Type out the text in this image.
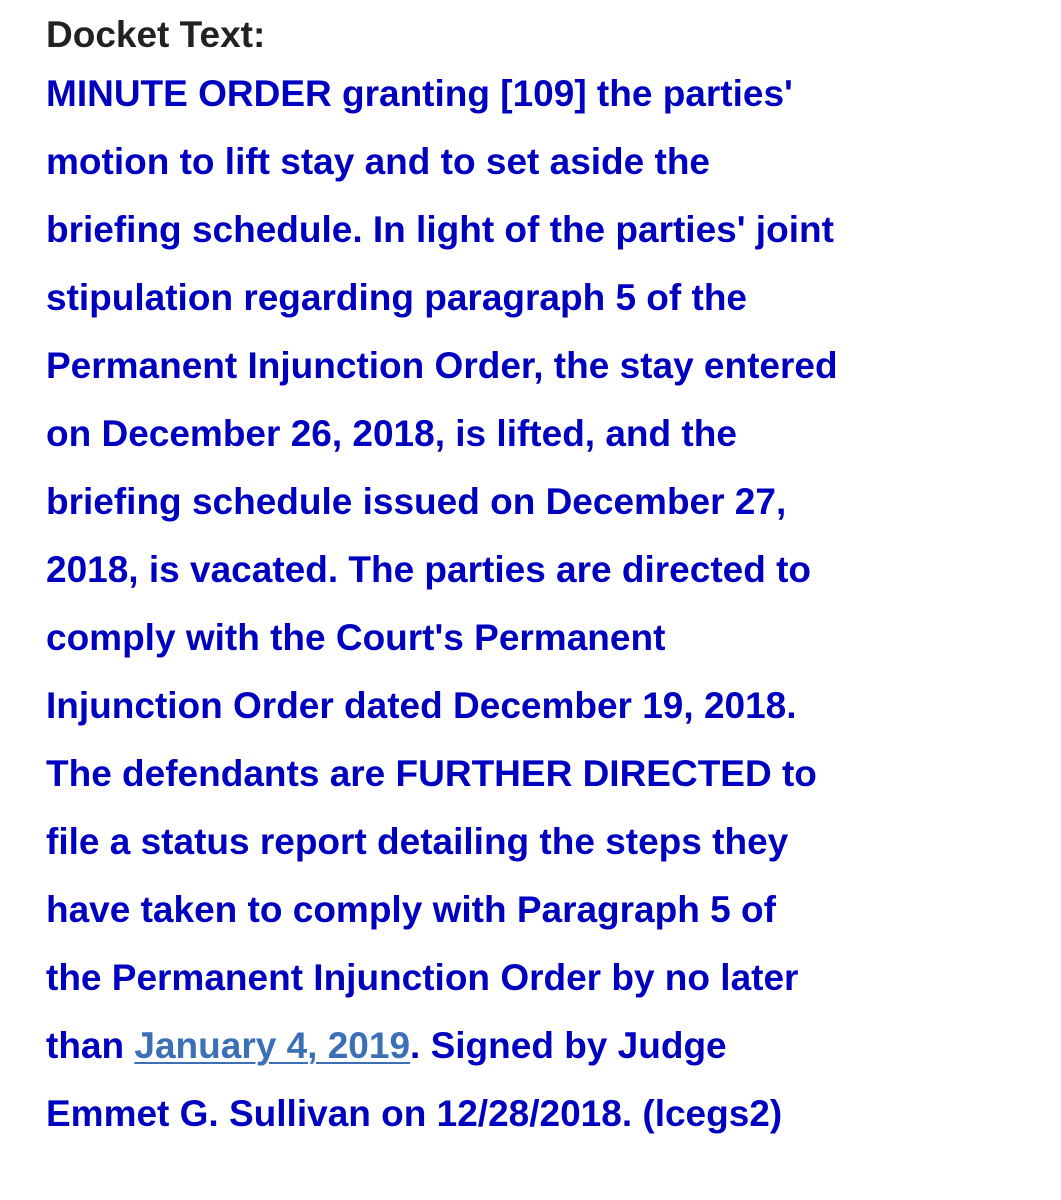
Docket Text:

MINUTE ORDER granting [109] the parties'
motion to lift stay and to set aside the
briefing schedule. In light of the parties' joint
stipulation regarding paragraph 5 of the
Permanent Injunction Order, the stay entered
on December 26, 2018, is lifted, and the
briefing schedule issued on December 27,
2018, is vacated. The parties are directed to
comply with the Court's Permanent
Injunction Order dated December 19, 2018.
The defendants are FURTHER DIRECTED to
file a status report detailing the steps they
have taken to comply with Paragraph 5 of
the Permanent Injunction Order by no later
than January 4, 2019. Signed by Judge
Emmet G. Sullivan on 12/28/2018. (lcegs2)
